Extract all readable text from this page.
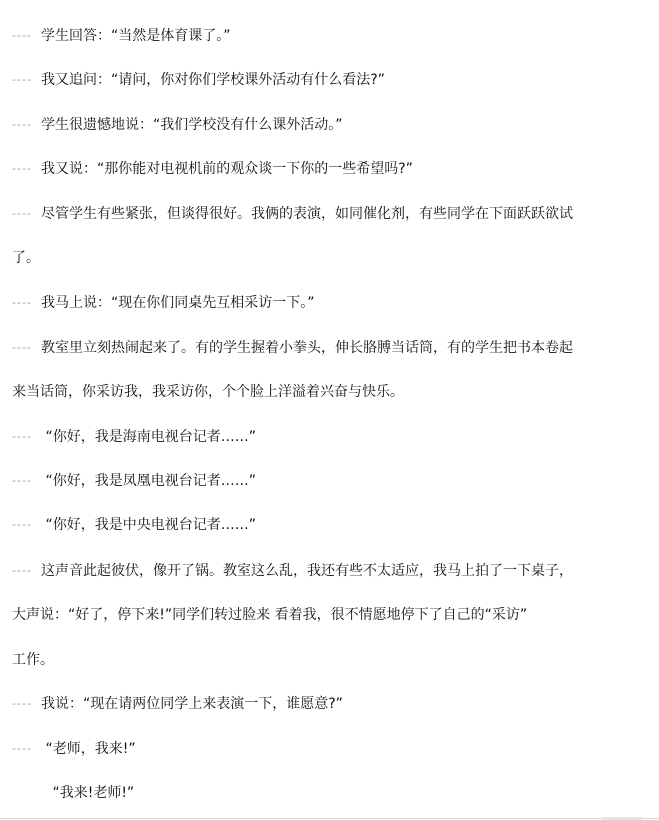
---- 学生回答：“当然是体育课了。”
---- 我又追问：“请问，你对你们学校课外活动有什么看法?”
---- 学生很遗憾地说：“我们学校没有什么课外活动。”
---- 我又说：“那你能对电视机前的观众谈一下你的一些希望吗?”
---- 尽管学生有些紧张，但谈得很好。我俩的表演，如同催化剂，有些同学在下面跃跃欲试
了。
---- 我马上说：“现在你们同桌先互相采访一下。”
---- 教室里立刻热闹起来了。有的学生握着小拳头，伸长胳膊当话筒，有的学生把书本卷起
来当话筒，你采访我，我采访你，个个脸上洋溢着兴奋与快乐。
---- “你好，我是海南电视台记者……”
---- “你好，我是凤凰电视台记者……”
---- “你好，我是中央电视台记者……”
---- 这声音此起彼伏，像开了锅。教室这么乱，我还有些不太适应，我马上拍了一下桌子，
大声说：“好了，停下来!”同学们转过脸来 看着我，很不情愿地停下了自己的“采访”
工作。
---- 我说：“现在请两位同学上来表演一下，谁愿意?”
---- “老师，我来!”
“我来!老师!”
